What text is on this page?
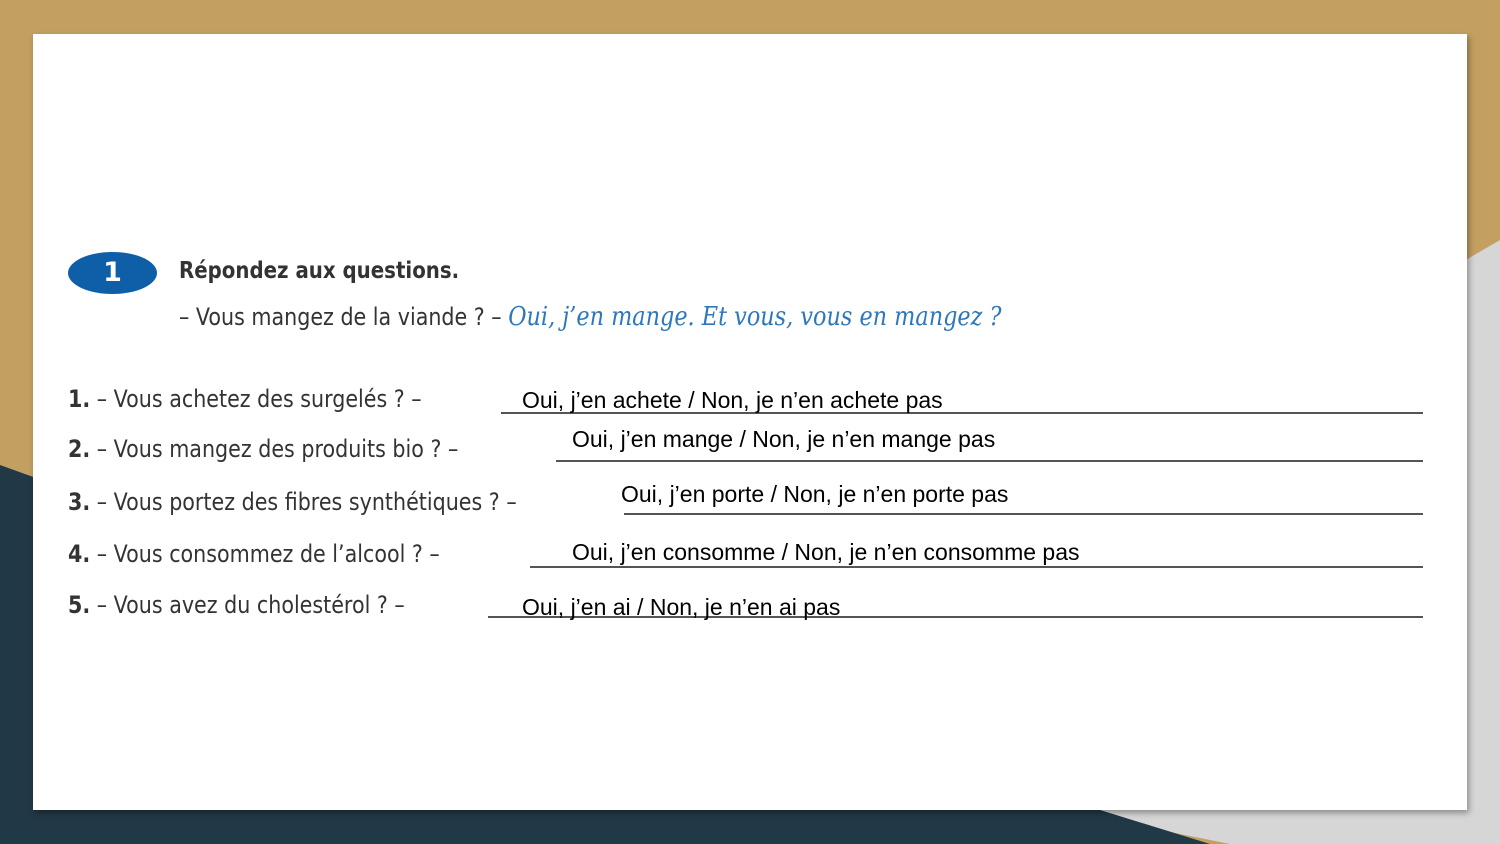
1	Répondez aux questions.
– Vous mangez de la viande ? – Oui, j’en mange. Et vous, vous en mangez ?
1. – Vous achetez des surgelés ? –	Oui, j’en achete / Non, je n’en achete pas
2. – Vous mangez des produits bio ? –	Oui, j’en mange / Non, je n’en mange pas
3. – Vous portez des fibres synthétiques ? –	Oui, j’en porte / Non, je n’en porte pas
4. – Vous consommez de l’alcool ? –	Oui, j’en consomme / Non, je n’en consomme pas
5. – Vous avez du cholestérol ? –	Oui, j’en ai / Non, je n’en ai pas
